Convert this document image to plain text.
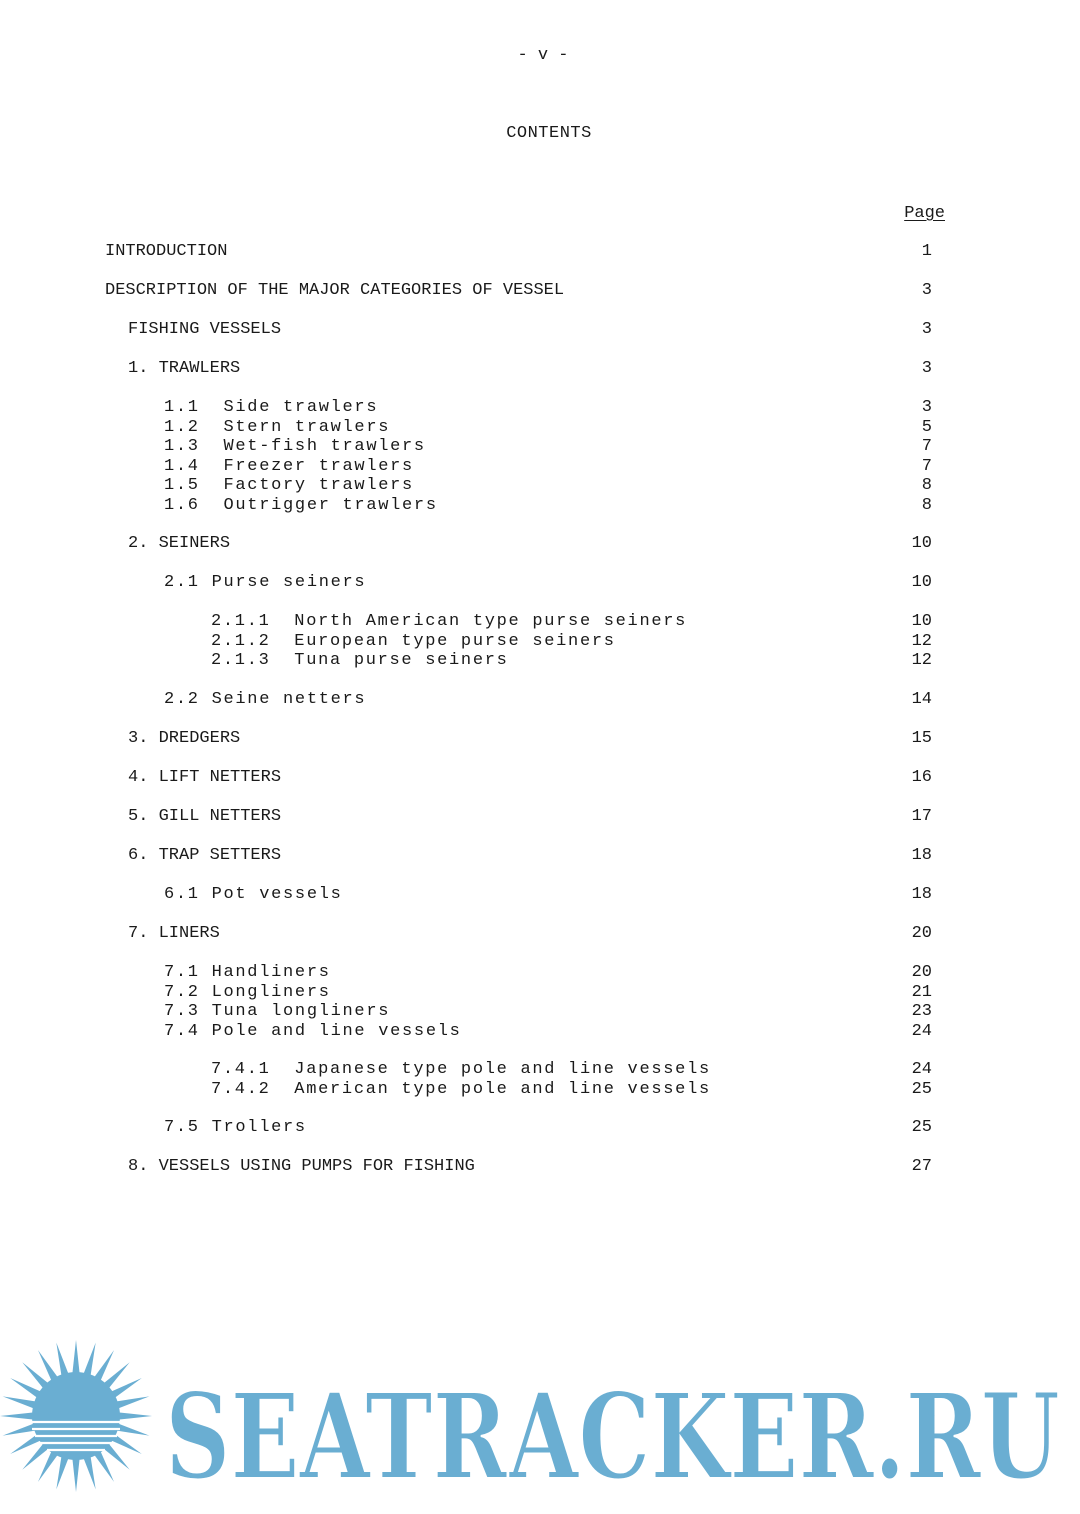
- v -
CONTENTS
Page
INTRODUCTION	1
DESCRIPTION OF THE MAJOR CATEGORIES OF VESSEL	3
FISHING VESSELS	3
1. TRAWLERS	3
1.1  Side trawlers	3
1.2  Stern trawlers	5
1.3  Wet-fish trawlers	7
1.4  Freezer trawlers	7
1.5  Factory trawlers	8
1.6  Outrigger trawlers	8
2. SEINERS	10
2.1 Purse seiners	10
2.1.1  North American type purse seiners	10
2.1.2  European type purse seiners	12
2.1.3  Tuna purse seiners	12
2.2 Seine netters	14
3. DREDGERS	15
4. LIFT NETTERS	16
5. GILL NETTERS	17
6. TRAP SETTERS	18
6.1 Pot vessels	18
7. LINERS	20
7.1 Handliners	20
7.2 Longliners	21
7.3 Tuna longliners	23
7.4 Pole and line vessels	24
7.4.1  Japanese type pole and line vessels	24
7.4.2  American type pole and line vessels	25
7.5 Trollers	25
8. VESSELS USING PUMPS FOR FISHING	27
SEATRACKER.RU
